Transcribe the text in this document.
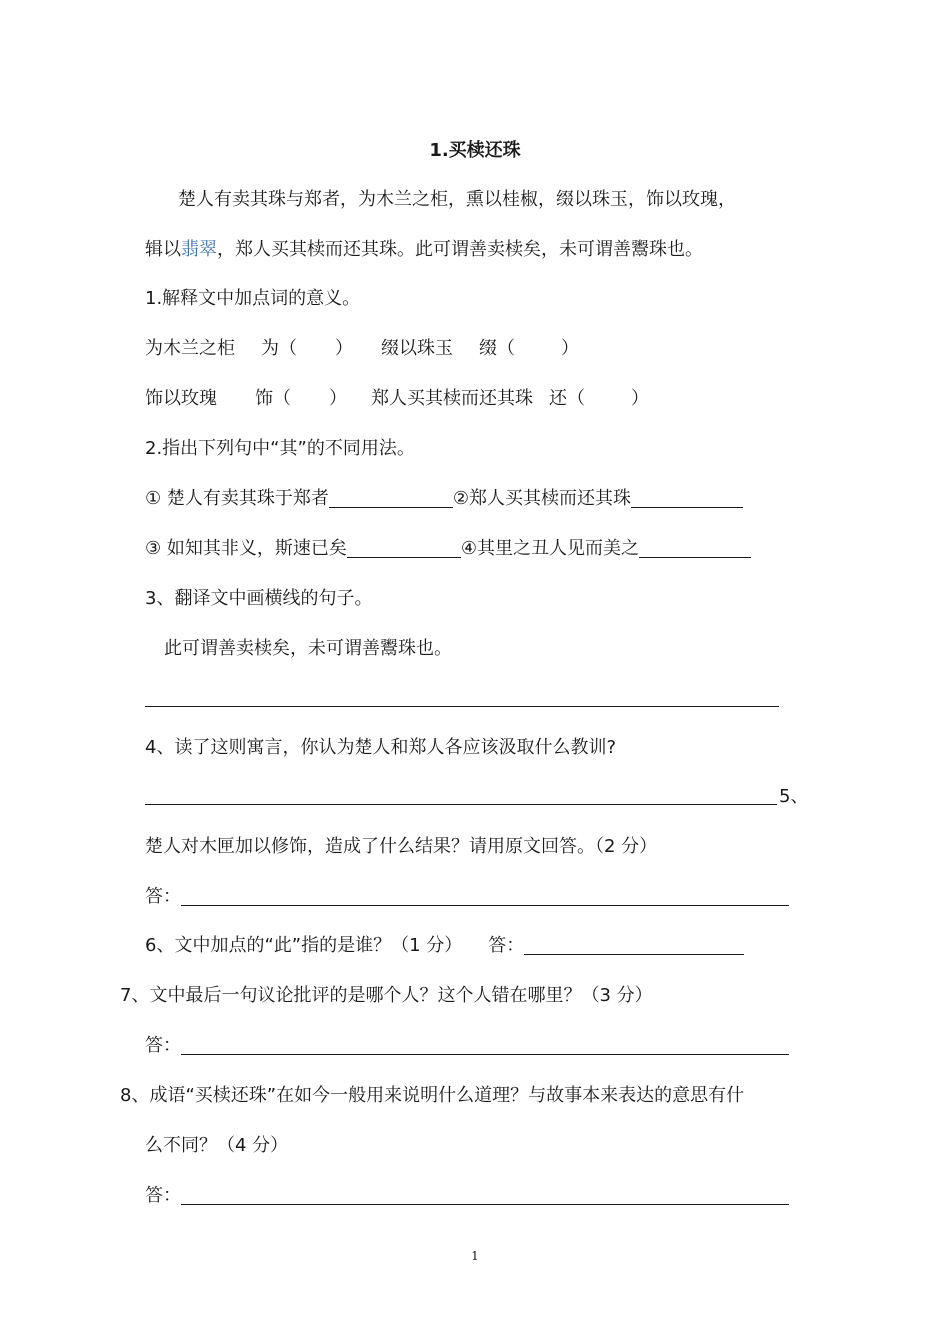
1.买椟还珠
楚人有卖其珠与郑者，为木兰之柜，熏以桂椒，缀以珠玉，饰以玫瑰，
辑以翡翠，郑人买其椟而还其珠。此可谓善卖椟矣，未可谓善鬻珠也。
1.解释文中加点词的意义。
为木兰之柜 为（ ） 缀以珠玉 缀（	）
饰以玫瑰 饰（ ） 郑人买其椟而还其珠 还（	）
2.指出下列句中“其”的不同用法。
① 楚人有卖其珠于郑者	②郑人买其椟而还其珠
③ 如知其非义，斯速已矣	④其里之丑人见而美之
3、翻译文中画横线的句子。
此可谓善卖椟矣，未可谓善鬻珠也。
4、读了这则寓言，你认为楚人和郑人各应该汲取什么教训?
5、
楚人对木匣加以修饰，造成了什么结果？请用原文回答。（2 分）
答：
6、文中加点的“此”指的是谁？（1 分） 答：
7、文中最后一句议论批评的是哪个人？这个人错在哪里？（3 分）
答：
8、成语“买椟还珠”在如今一般用来说明什么道理？与故事本来表达的意思有什
么不同？（4 分）
答：
1
